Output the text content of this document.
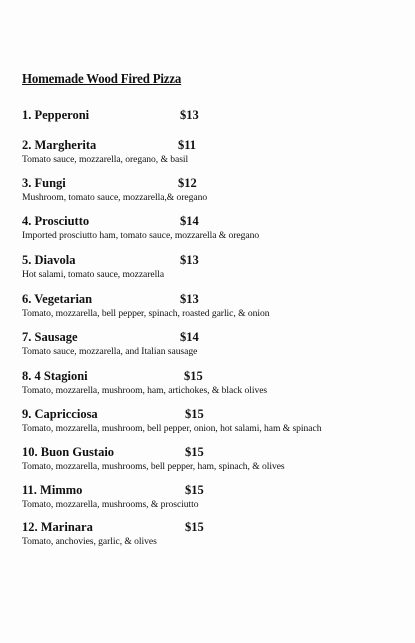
Homemade Wood Fired Pizza
1. Pepperoni	$13
2. Margherita	$11
Tomato sauce, mozzarella, oregano, & basil
3. Fungi	$12
Mushroom, tomato sauce, mozzarella,& oregano
4. Prosciutto	$14
Imported prosciutto ham, tomato sauce, mozzarella & oregano
5. Diavola	$13
Hot salami, tomato sauce, mozzarella
6. Vegetarian	$13
Tomato, mozzarella, bell pepper, spinach, roasted garlic, & onion
7. Sausage	$14
Tomato sauce, mozzarella, and Italian sausage
8. 4 Stagioni	$15
Tomato, mozzarella, mushroom, ham, artichokes, & black olives
9. Capricciosa	$15
Tomato, mozzarella, mushroom, bell pepper, onion, hot salami, ham & spinach
10. Buon Gustaio	$15
Tomato, mozzarella, mushrooms, bell pepper, ham, spinach, & olives
11. Mimmo	$15
Tomato, mozzarella, mushrooms, & prosciutto
12. Marinara	$15
Tomato, anchovies, garlic, & olives
